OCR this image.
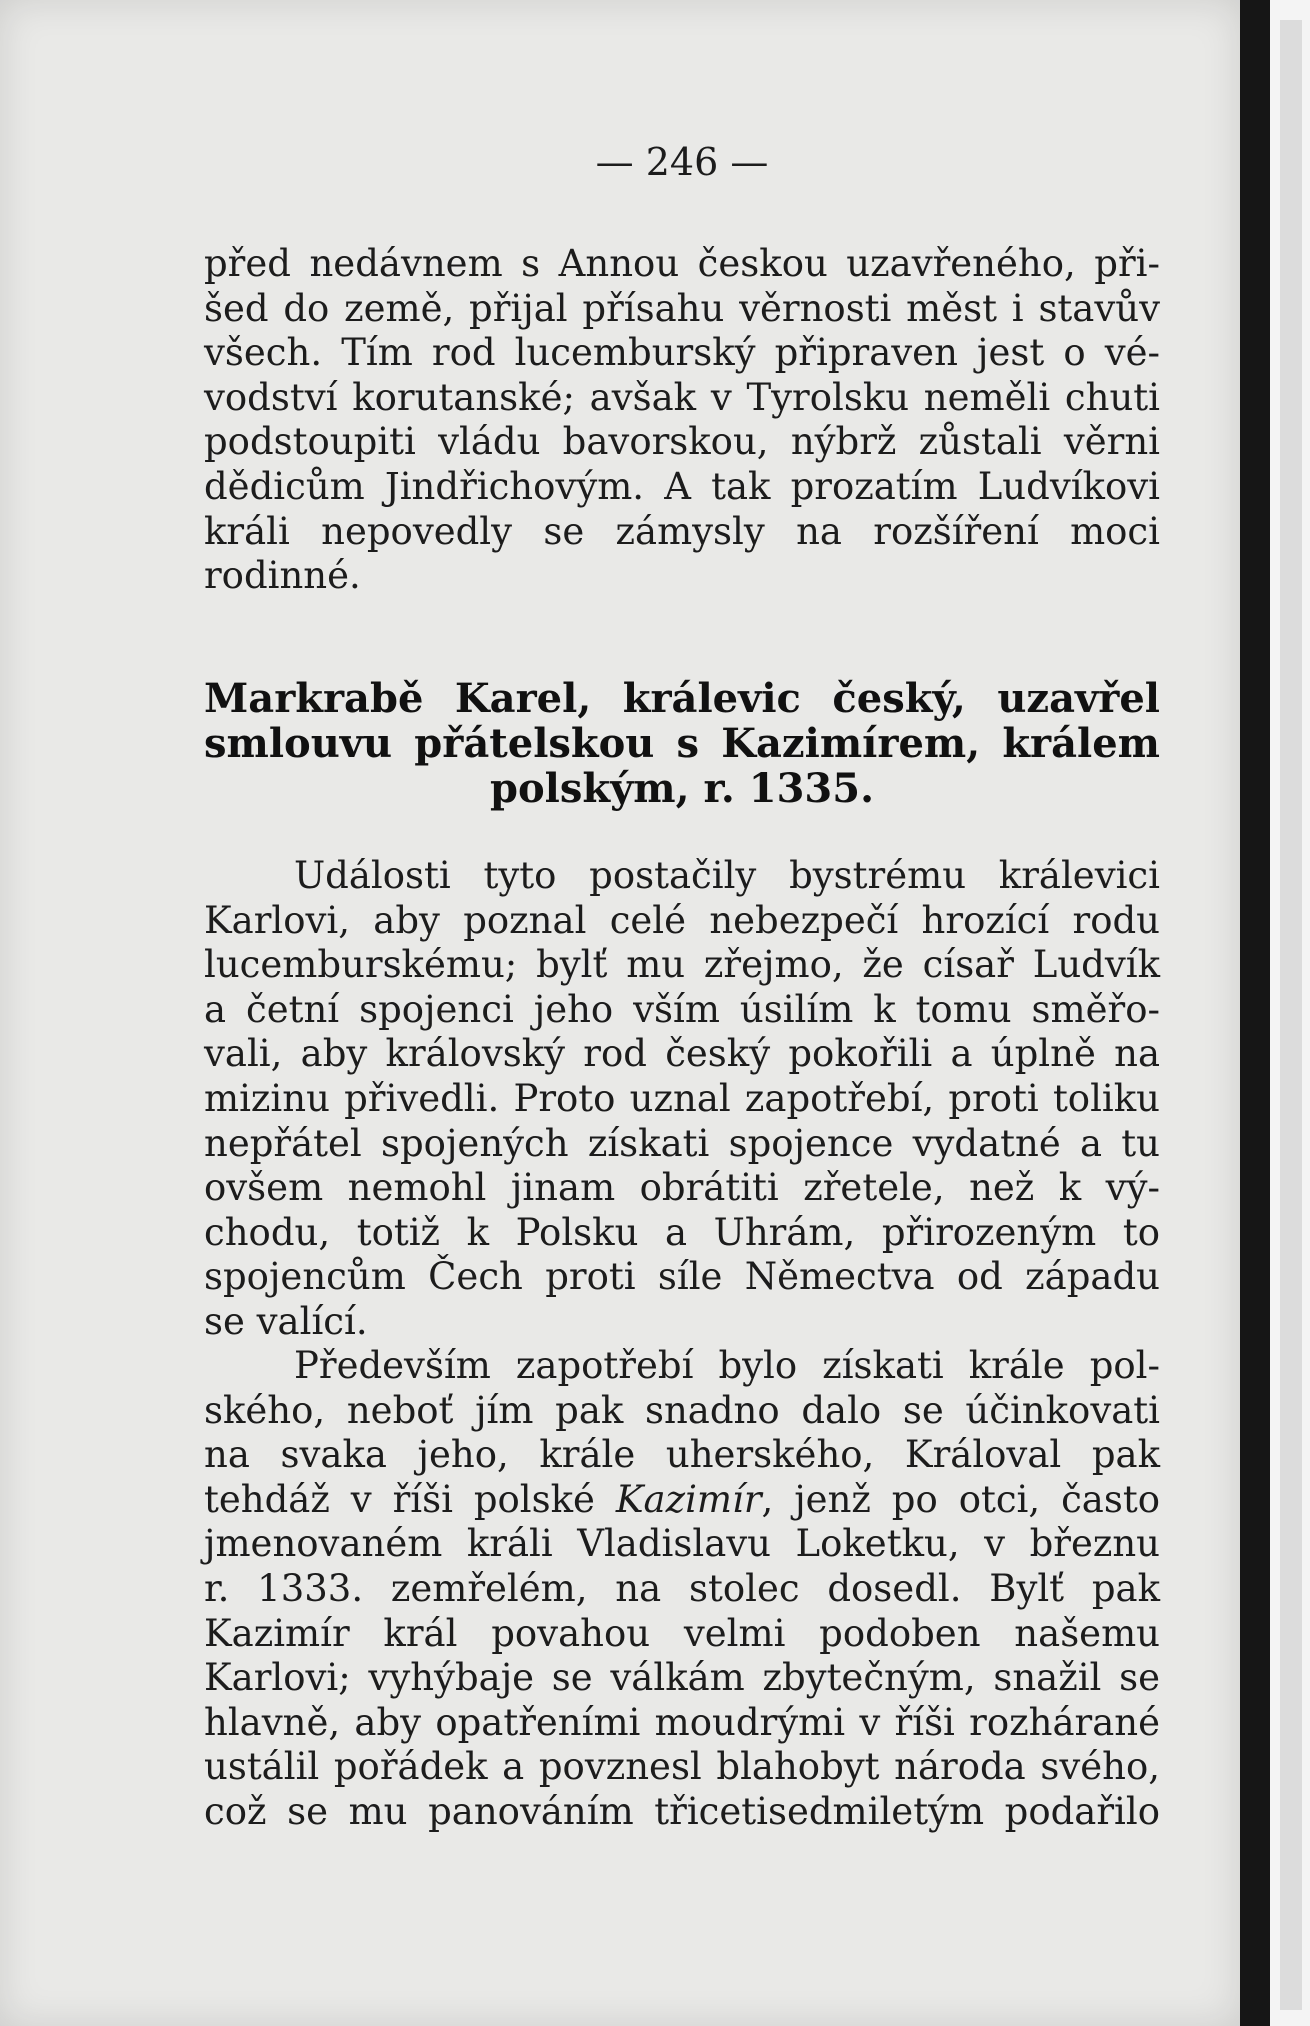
— 246 —
před nedávnem s Annou českou uzavřeného, při-
šed do země, přijal přísahu věrnosti měst i stavův
všech. Tím rod lucemburský připraven jest o vé-
vodství korutanské; avšak v Tyrolsku neměli chuti
podstoupiti vládu bavorskou, nýbrž zůstali věrni
dědicům Jindřichovým. A tak prozatím Ludvíkovi
králi nepovedly se zámysly na rozšíření moci
rodinné.
Markrabě Karel, králevic český, uzavřel
smlouvu přátelskou s Kazimírem, králem
polským, r. 1335.
Události tyto postačily bystrému králevici
Karlovi, aby poznal celé nebezpečí hrozící rodu
lucemburskému; bylť mu zřejmo, že císař Ludvík
a četní spojenci jeho vším úsilím k tomu směřo-
vali, aby královský rod český pokořili a úplně na
mizinu přivedli. Proto uznal zapotřebí, proti toliku
nepřátel spojených získati spojence vydatné a tu
ovšem nemohl jinam obrátiti zřetele, než k vý-
chodu, totiž k Polsku a Uhrám, přirozeným to
spojencům Čech proti síle Němectva od západu
se valící.
Především zapotřebí bylo získati krále pol-
ského, neboť jím pak snadno dalo se účinkovati
na svaka jeho, krále uherského, Královal pak
tehdáž v říši polské Kazimír, jenž po otci, často
jmenovaném králi Vladislavu Loketku, v březnu
r. 1333. zemřelém, na stolec dosedl. Bylť pak
Kazimír král povahou velmi podoben našemu
Karlovi; vyhýbaje se válkám zbytečným, snažil se
hlavně, aby opatřeními moudrými v říši rozhárané
ustálil pořádek a povznesl blahobyt národa svého,
což se mu panováním třicetisedmiletým podařilo
